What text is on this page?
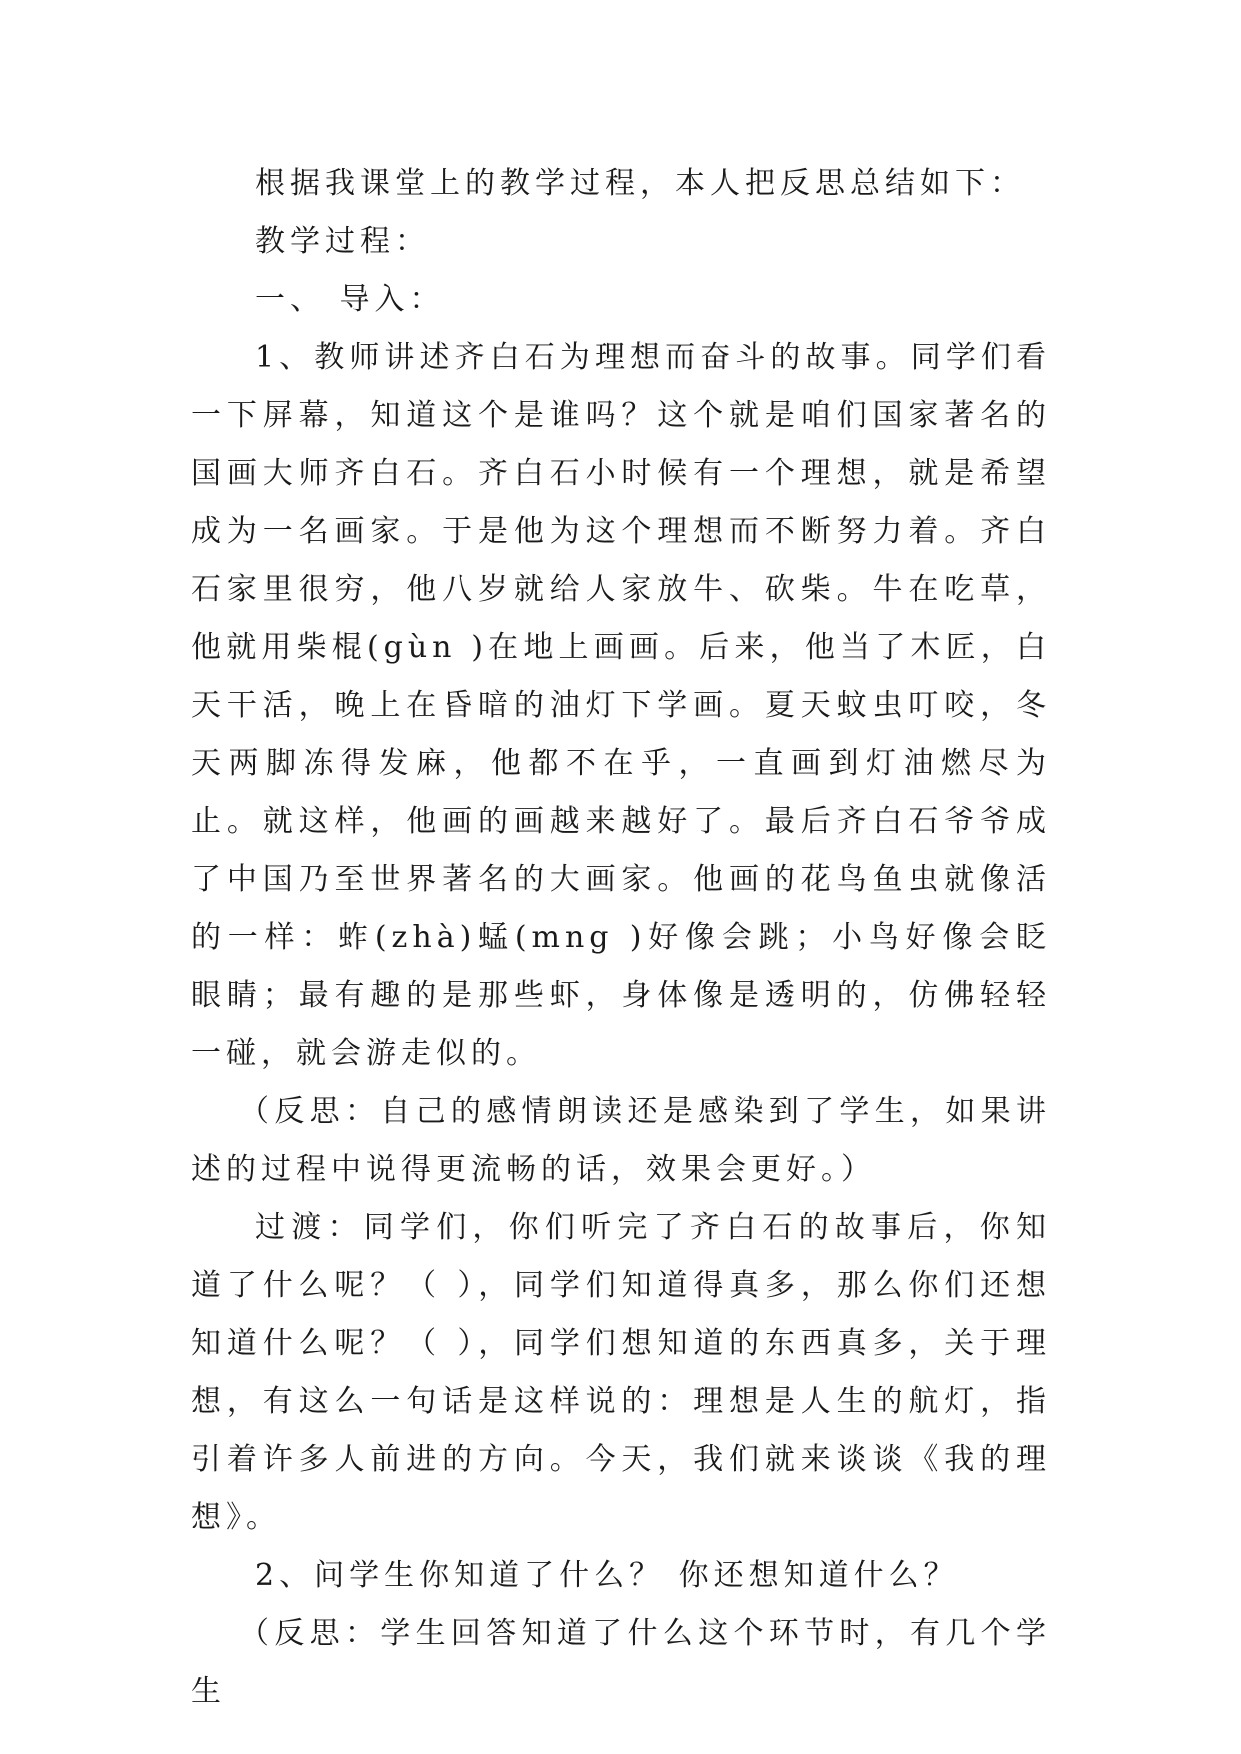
根据我课堂上的教学过程，本人把反思总结如下：

教学过程：

一、 导入：

1、教师讲述齐白石为理想而奋斗的故事。同学们看一下屏幕，知道这个是谁吗？这个就是咱们国家著名的国画大师齐白石。齐白石小时候有一个理想，就是希望成为一名画家。于是他为这个理想而不断努力着。齐白石家里很穷，他八岁就给人家放牛、砍柴。牛在吃草，他就用柴棍(gùn )在地上画画。后来，他当了木匠，白天干活，晚上在昏暗的油灯下学画。夏天蚊虫叮咬，冬天两脚冻得发麻，他都不在乎，一直画到灯油燃尽为止。就这样，他画的画越来越好了。最后齐白石爷爷成了中国乃至世界著名的大画家。他画的花鸟鱼虫就像活的一样：蚱(zhà)蜢(mng )好像会跳；小鸟好像会眨眼睛；最有趣的是那些虾，身体像是透明的，仿佛轻轻一碰，就会游走似的。

（反思：自己的感情朗读还是感染到了学生，如果讲述的过程中说得更流畅的话，效果会更好。）

过渡：同学们，你们听完了齐白石的故事后，你知道了什么呢？（ ），同学们知道得真多，那么你们还想知道什么呢？（ ），同学们想知道的东西真多，关于理想，有这么一句话是这样说的：理想是人生的航灯，指引着许多人前进的方向。今天，我们就来谈谈《我的理想》。

2、问学生你知道了什么？ 你还想知道什么？

（反思：学生回答知道了什么这个环节时，有几个学生
